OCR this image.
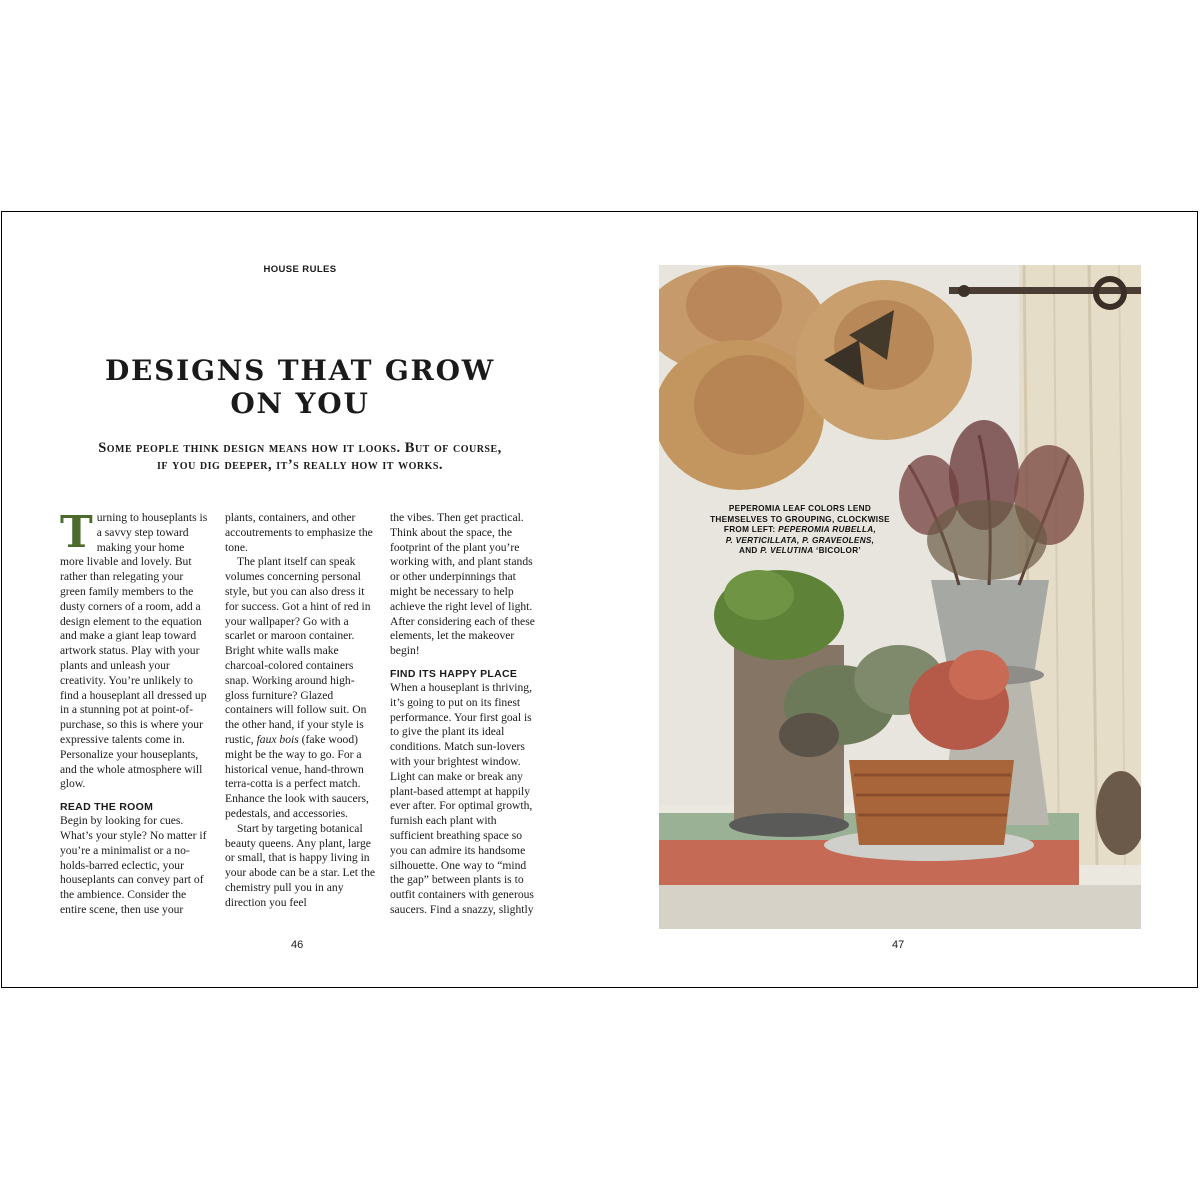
HOUSE RULES
DESIGNS THAT GROW
ON YOU
Some people think design means how it looks. But of course,
if you dig deeper, it’s really how it works.

Turning to houseplants is a savvy step toward making your home more livable and lovely. But rather than relegating your green family members to the dusty corners of a room, add a design element to the equation and make a giant leap toward artwork status. Play with your plants and unleash your creativity. You’re unlikely to find a houseplant all dressed up in a stunning pot at point-of-purchase, so this is where your expressive talents come in. Personalize your houseplants, and the whole atmosphere will glow.

READ THE ROOM

Begin by looking for cues. What’s your style? No matter if you’re a minimalist or a no-holds-barred eclectic, your houseplants can convey part of the ambience. Consider the entire scene, then use your

plants, containers, and other accoutrements to emphasize the tone.

The plant itself can speak volumes concerning personal style, but you can also dress it for success. Got a hint of red in your wallpaper? Go with a scarlet or maroon container. Bright white walls make charcoal-colored containers snap. Working around high-gloss furniture? Glazed containers will follow suit. On the other hand, if your style is rustic, faux bois (fake wood) might be the way to go. For a historical venue, hand-thrown terra-cotta is a perfect match. Enhance the look with saucers, pedestals, and accessories.

Start by targeting botanical beauty queens. Any plant, large or small, that is happy living in your abode can be a star. Let the chemistry pull you in any direction you feel

the vibes. Then get practical. Think about the space, the footprint of the plant you’re working with, and plant stands or other underpinnings that might be necessary to help achieve the right level of light. After considering each of these elements, let the makeover begin!

FIND ITS HAPPY PLACE

When a houseplant is thriving, it’s going to put on its finest performance. Your first goal is to give the plant its ideal conditions. Match sun-lovers with your brightest window. Light can make or break any plant-based attempt at happily ever after. For optimal growth, furnish each plant with sufficient breathing space so you can admire its handsome silhouette. One way to “mind the gap” between plants is to outfit containers with generous saucers. Find a snazzy, slightly

46	47
PEPEROMIA LEAF COLORS LEND
THEMSELVES TO GROUPING, CLOCKWISE
FROM LEFT: PEPEROMIA RUBELLA,
P. VERTICILLATA, P. GRAVEOLENS,
AND P. VELUTINA ‘BICOLOR’
